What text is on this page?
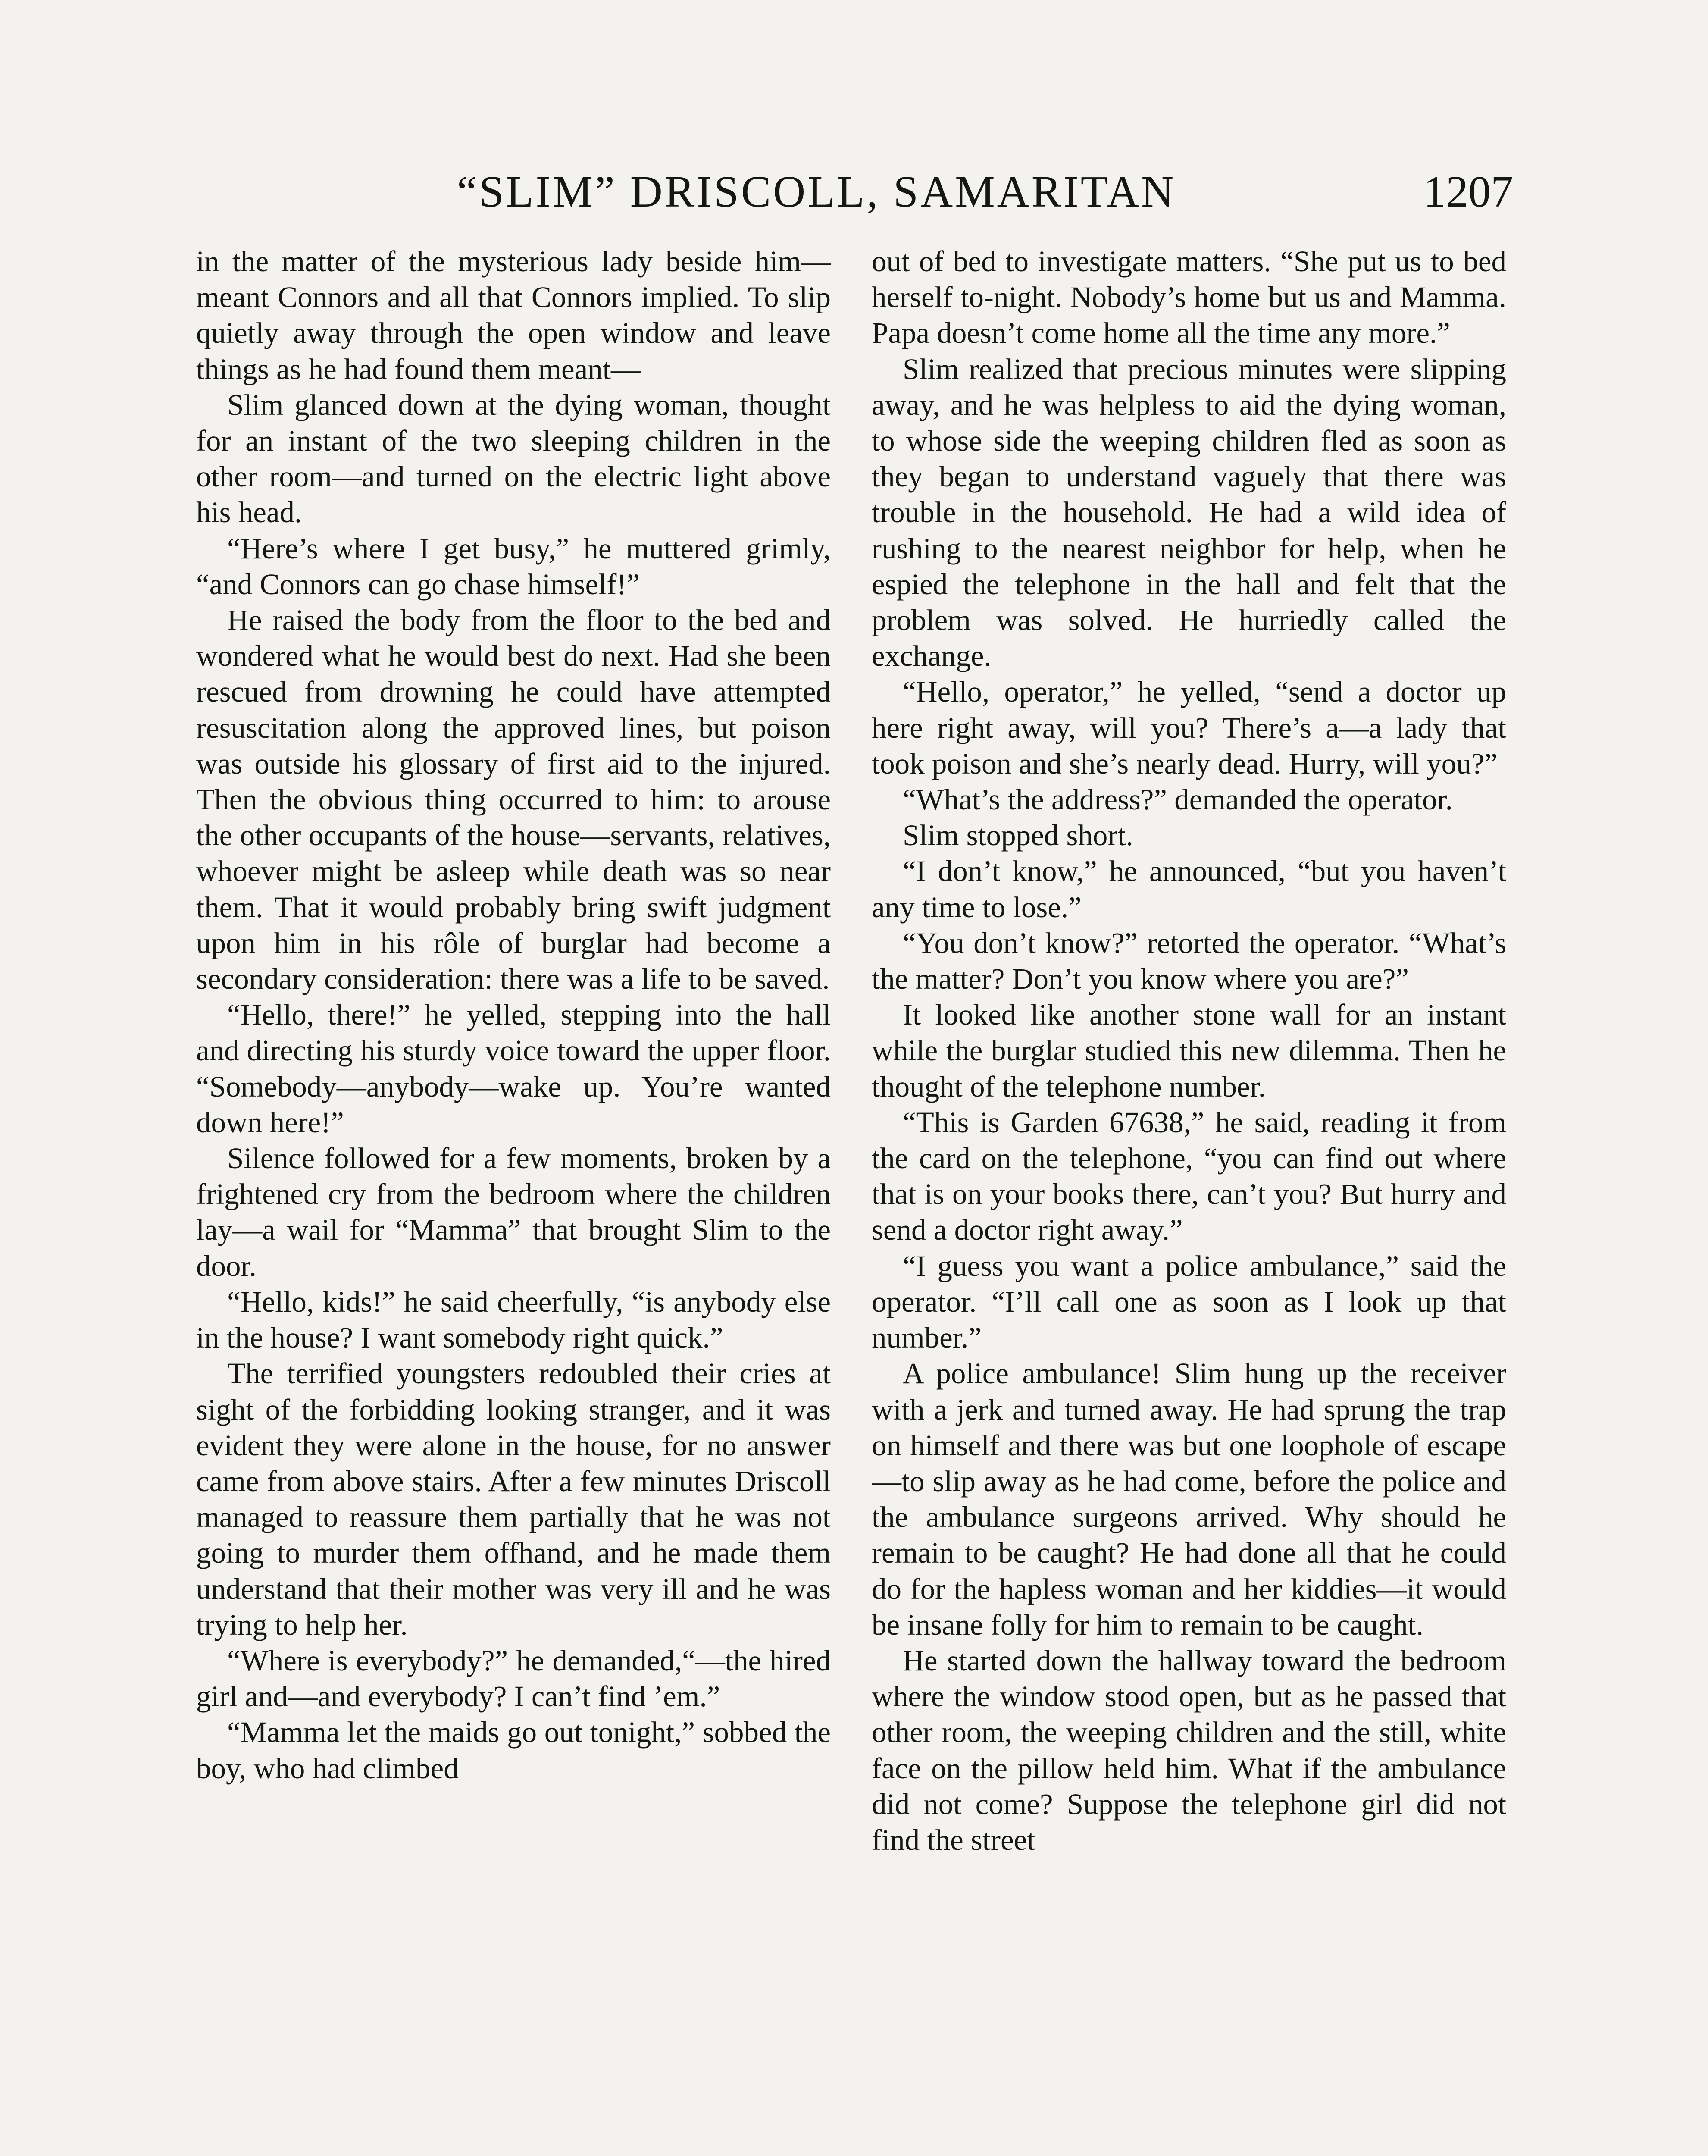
“SLIM” DRISCOLL, SAMARITAN	1207

in the matter of the mysterious lady beside him—meant Connors and all that Connors implied. To slip quietly away through the open window and leave things as he had found them meant—

Slim glanced down at the dying woman, thought for an instant of the two sleeping children in the other room—and turned on the electric light above his head.

“Here’s where I get busy,” he muttered grimly, “and Connors can go chase himself!”

He raised the body from the floor to the bed and wondered what he would best do next. Had she been rescued from drowning he could have attempted resuscitation along the approved lines, but poison was outside his glossary of first aid to the injured. Then the obvious thing occurred to him: to arouse the other occupants of the house—servants, relatives, whoever might be asleep while death was so near them. That it would probably bring swift judgment upon him in his rôle of burglar had become a secondary consideration: there was a life to be saved.

“Hello, there!” he yelled, stepping into the hall and directing his sturdy voice toward the upper floor. “Somebody—anybody—wake up. You’re wanted down here!”

Silence followed for a few moments, broken by a frightened cry from the bedroom where the children lay—a wail for “Mamma” that brought Slim to the door.

“Hello, kids!” he said cheerfully, “is anybody else in the house? I want somebody right quick.”

The terrified youngsters redoubled their cries at sight of the forbidding looking stranger, and it was evident they were alone in the house, for no answer came from above stairs. After a few minutes Driscoll managed to reassure them partially that he was not going to murder them offhand, and he made them understand that their mother was very ill and he was trying to help her.

“Where is everybody?” he demanded,“—the hired girl and—and everybody? I can’t find ’em.”

“Mamma let the maids go out tonight,” sobbed the boy, who had climbed

out of bed to investigate matters. “She put us to bed herself to-night. Nobody’s home but us and Mamma. Papa doesn’t come home all the time any more.”

Slim realized that precious minutes were slipping away, and he was helpless to aid the dying woman, to whose side the weeping children fled as soon as they began to understand vaguely that there was trouble in the household. He had a wild idea of rushing to the nearest neighbor for help, when he espied the telephone in the hall and felt that the problem was solved. He hurriedly called the exchange.

“Hello, operator,” he yelled, “send a doctor up here right away, will you? There’s a—a lady that took poison and she’s nearly dead. Hurry, will you?”

“What’s the address?” demanded the operator.

Slim stopped short.

“I don’t know,” he announced, “but you haven’t any time to lose.”

“You don’t know?” retorted the operator. “What’s the matter? Don’t you know where you are?”

It looked like another stone wall for an instant while the burglar studied this new dilemma. Then he thought of the telephone number.

“This is Garden 67638,” he said, reading it from the card on the telephone, “you can find out where that is on your books there, can’t you? But hurry and send a doctor right away.”

“I guess you want a police ambulance,” said the operator. “I’ll call one as soon as I look up that number.”

A police ambulance! Slim hung up the receiver with a jerk and turned away. He had sprung the trap on himself and there was but one loophole of escape—to slip away as he had come, before the police and the ambulance surgeons arrived. Why should he remain to be caught? He had done all that he could do for the hapless woman and her kiddies—it would be insane folly for him to remain to be caught.

He started down the hallway toward the bedroom where the window stood open, but as he passed that other room, the weeping children and the still, white face on the pillow held him. What if the ambulance did not come? Suppose the telephone girl did not find the street
